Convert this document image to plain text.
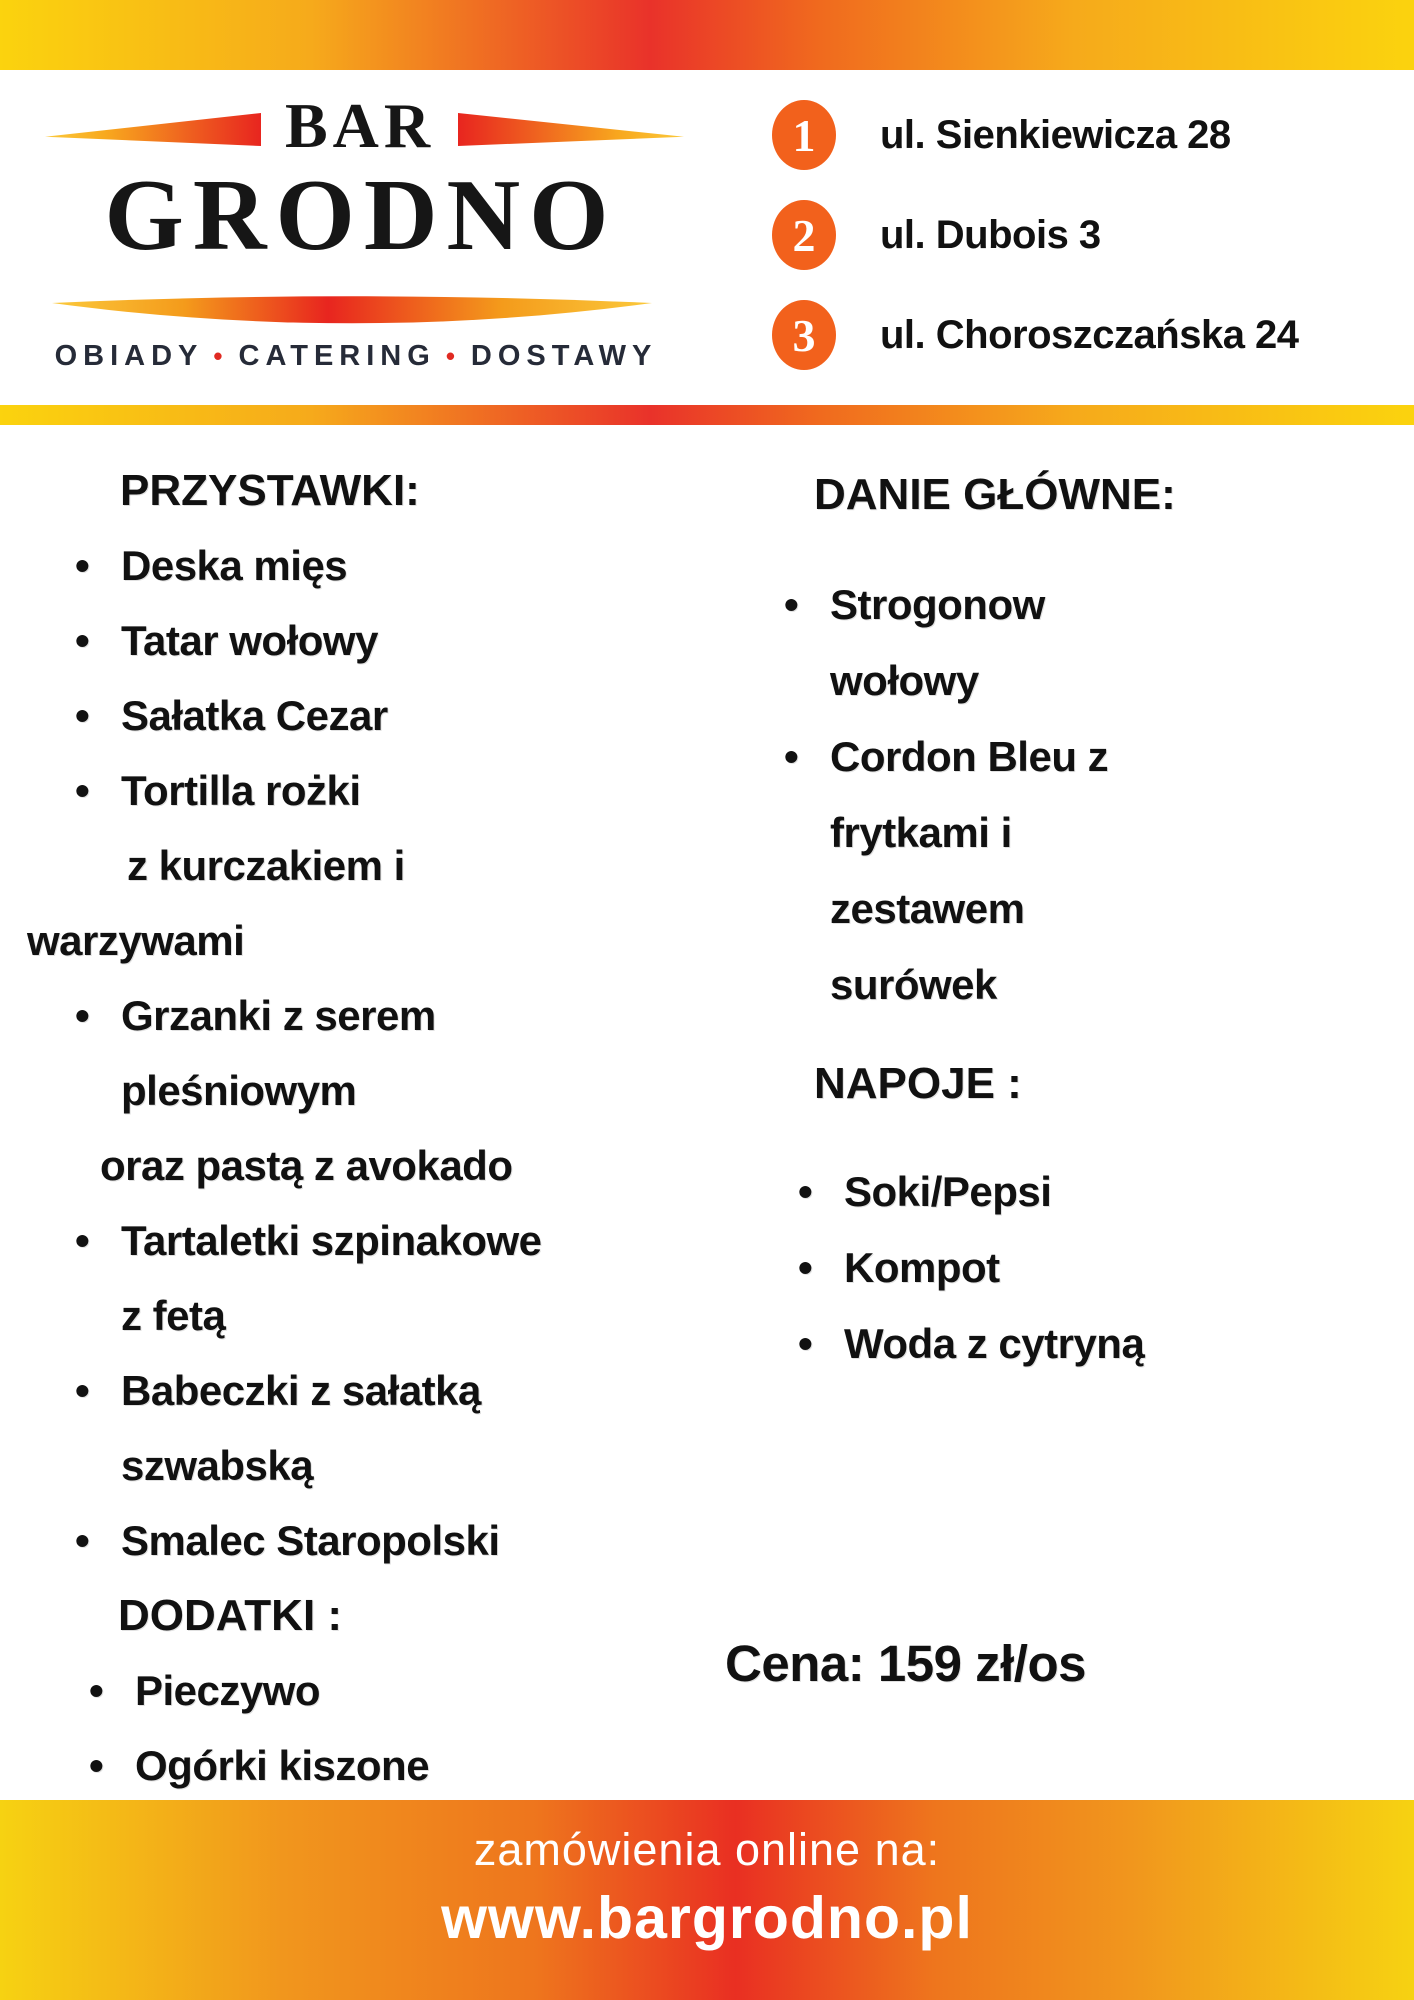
BAR
GRODNO
OBIADY • CATERING • DOSTAWY
1	ul. Sienkiewicza 28
2	ul. Dubois 3
3	ul. Choroszczańska 24
PRZYSTAWKI:
• Deska mięs
• Tatar wołowy
• Sałatka Cezar
• Tortilla rożki
z kurczakiem i
warzywami
• Grzanki z serem
pleśniowym
oraz pastą z avokado
• Tartaletki szpinakowe
z fetą
• Babeczki z sałatką
szwabską
• Smalec Staropolski
DODATKI :
• Pieczywo
• Ogórki kiszone
DANIE GŁÓWNE:
• Strogonow
wołowy
• Cordon Bleu z
frytkami i
zestawem
surówek
NAPOJE :
• Soki/Pepsi
• Kompot
• Woda z cytryną
Cena: 159 zł/os
zamówienia online na:
www.bargrodno.pl
